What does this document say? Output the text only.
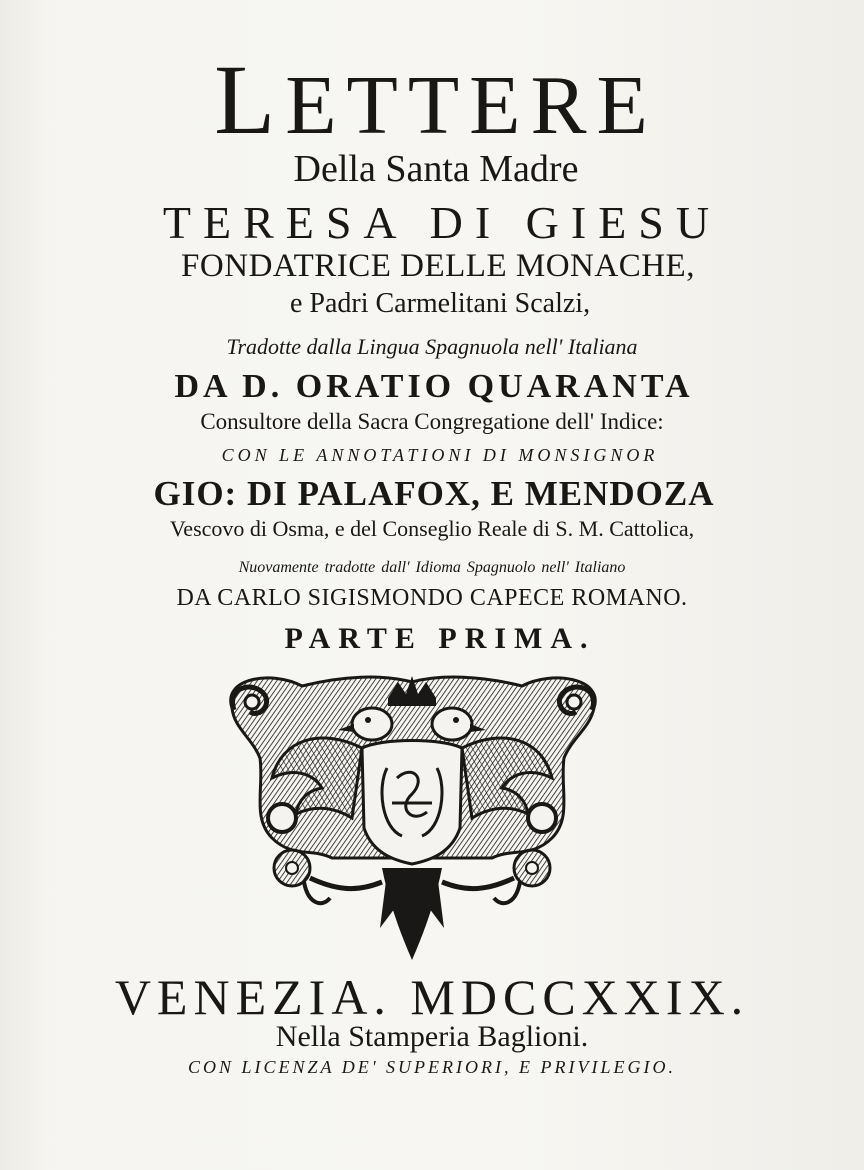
LETTERE
Della Santa Madre
TERESA DI GIESU
FONDATRICE DELLE MONACHE,
e Padri Carmelitani Scalzi,
Tradotte dalla Lingua Spagnuola nell' Italiana
DA D. ORATIO QUARANTA
Consultore della Sacra Congregatione dell' Indice:
CON LE ANNOTATIONI DI MONSIGNOR
GIO: DI PALAFOX, E MENDOZA
Vescovo di Osma, e del Conseglio Reale di S. M. Cattolica,
Nuovamente tradotte dall' Idioma Spagnuolo nell' Italiano
DA CARLO SIGISMONDO CAPECE ROMANO.
PARTE PRIMA.
VENEZIA. MDCCXXIX.
Nella Stamperia Baglioni.
CON LICENZA DE' SUPERIORI, E PRIVILEGIO.
